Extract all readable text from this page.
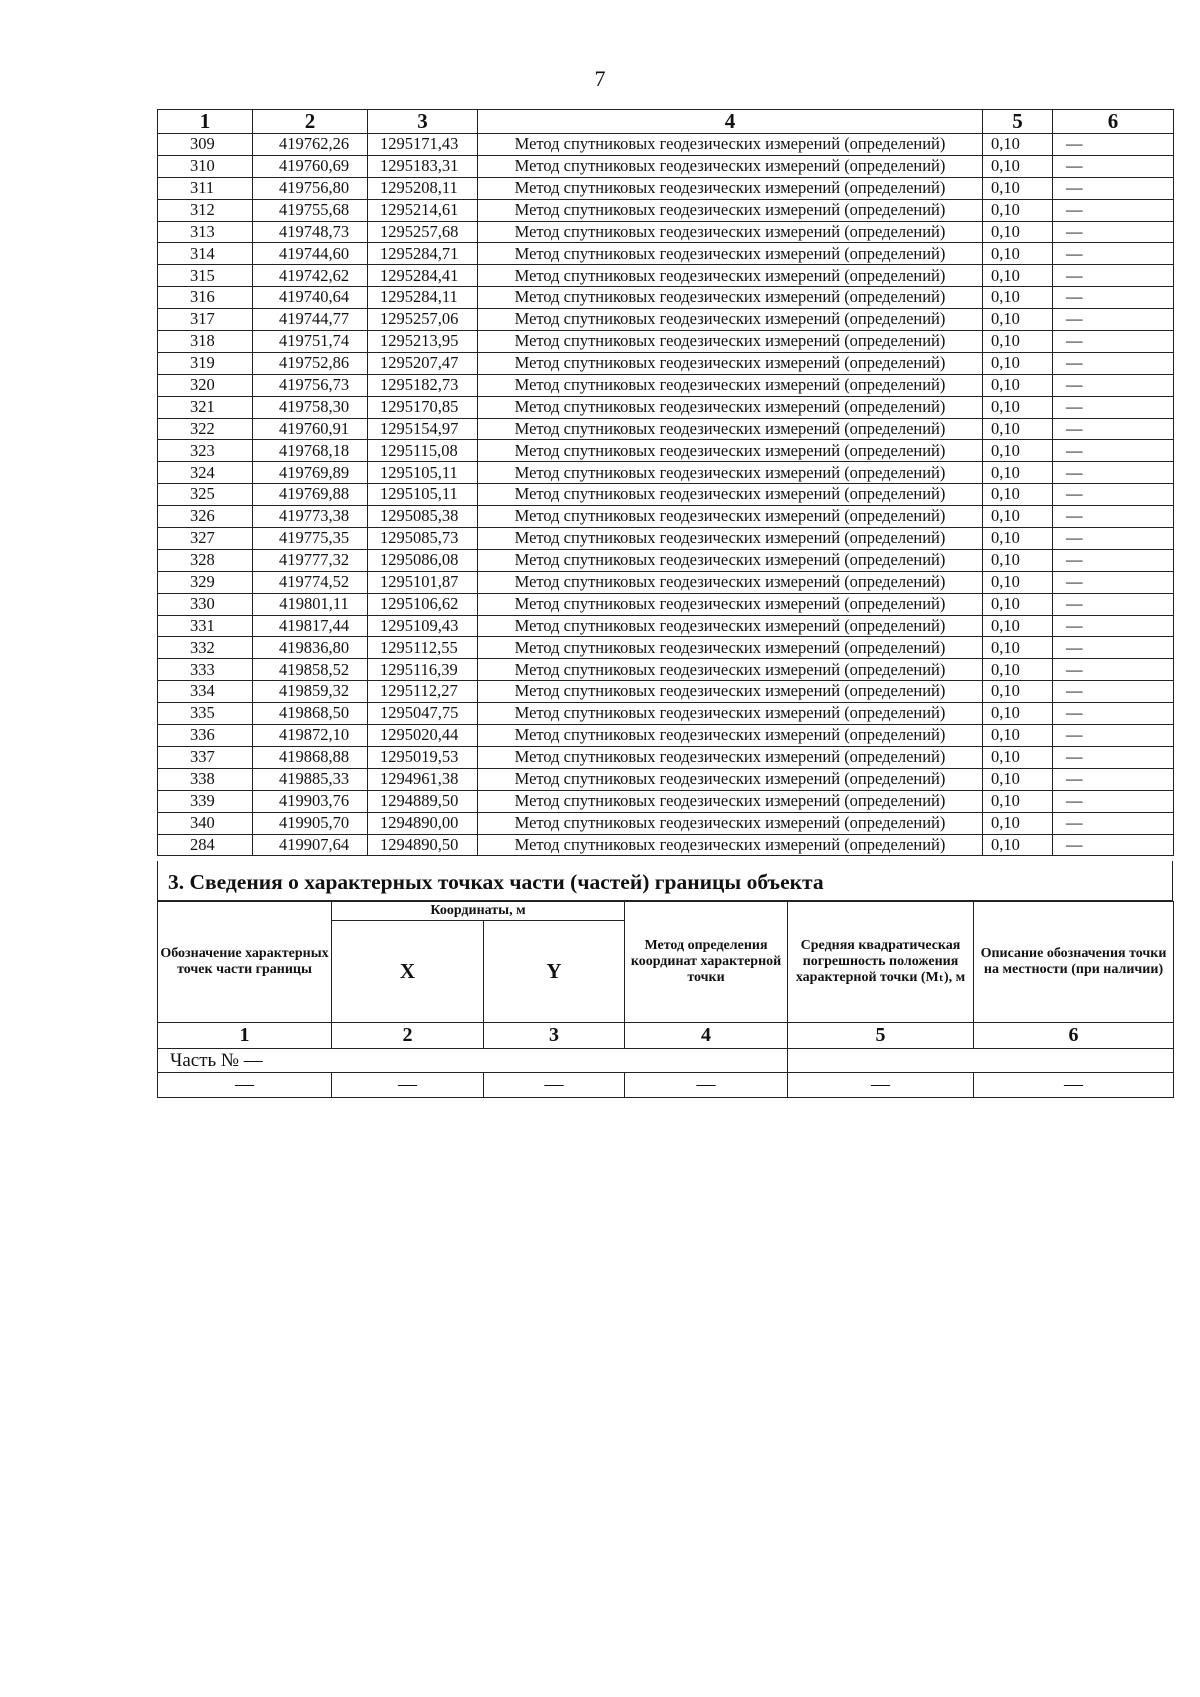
7
1	2	3	4	5	6
309	419762,26	1295171,43	Метод спутниковых геодезических измерений (определений)	0,10	—
310	419760,69	1295183,31	Метод спутниковых геодезических измерений (определений)	0,10	—
311	419756,80	1295208,11	Метод спутниковых геодезических измерений (определений)	0,10	—
312	419755,68	1295214,61	Метод спутниковых геодезических измерений (определений)	0,10	—
313	419748,73	1295257,68	Метод спутниковых геодезических измерений (определений)	0,10	—
314	419744,60	1295284,71	Метод спутниковых геодезических измерений (определений)	0,10	—
315	419742,62	1295284,41	Метод спутниковых геодезических измерений (определений)	0,10	—
316	419740,64	1295284,11	Метод спутниковых геодезических измерений (определений)	0,10	—
317	419744,77	1295257,06	Метод спутниковых геодезических измерений (определений)	0,10	—
318	419751,74	1295213,95	Метод спутниковых геодезических измерений (определений)	0,10	—
319	419752,86	1295207,47	Метод спутниковых геодезических измерений (определений)	0,10	—
320	419756,73	1295182,73	Метод спутниковых геодезических измерений (определений)	0,10	—
321	419758,30	1295170,85	Метод спутниковых геодезических измерений (определений)	0,10	—
322	419760,91	1295154,97	Метод спутниковых геодезических измерений (определений)	0,10	—
323	419768,18	1295115,08	Метод спутниковых геодезических измерений (определений)	0,10	—
324	419769,89	1295105,11	Метод спутниковых геодезических измерений (определений)	0,10	—
325	419769,88	1295105,11	Метод спутниковых геодезических измерений (определений)	0,10	—
326	419773,38	1295085,38	Метод спутниковых геодезических измерений (определений)	0,10	—
327	419775,35	1295085,73	Метод спутниковых геодезических измерений (определений)	0,10	—
328	419777,32	1295086,08	Метод спутниковых геодезических измерений (определений)	0,10	—
329	419774,52	1295101,87	Метод спутниковых геодезических измерений (определений)	0,10	—
330	419801,11	1295106,62	Метод спутниковых геодезических измерений (определений)	0,10	—
331	419817,44	1295109,43	Метод спутниковых геодезических измерений (определений)	0,10	—
332	419836,80	1295112,55	Метод спутниковых геодезических измерений (определений)	0,10	—
333	419858,52	1295116,39	Метод спутниковых геодезических измерений (определений)	0,10	—
334	419859,32	1295112,27	Метод спутниковых геодезических измерений (определений)	0,10	—
335	419868,50	1295047,75	Метод спутниковых геодезических измерений (определений)	0,10	—
336	419872,10	1295020,44	Метод спутниковых геодезических измерений (определений)	0,10	—
337	419868,88	1295019,53	Метод спутниковых геодезических измерений (определений)	0,10	—
338	419885,33	1294961,38	Метод спутниковых геодезических измерений (определений)	0,10	—
339	419903,76	1294889,50	Метод спутниковых геодезических измерений (определений)	0,10	—
340	419905,70	1294890,00	Метод спутниковых геодезических измерений (определений)	0,10	—
284	419907,64	1294890,50	Метод спутниковых геодезических измерений (определений)	0,10	—
3. Сведения о характерных точках части (частей) границы объекта
Обозначение характерных точек части границы	Координаты, м		Метод определения координат характерной точки	Средняя квадратическая погрешность положения характерной точки (Mₜ), м	Описание обозначения точки на местности (при наличии)
	X	Y			
1	2	3	4	5	6
Часть № —					
—	—	—	—	—	—
